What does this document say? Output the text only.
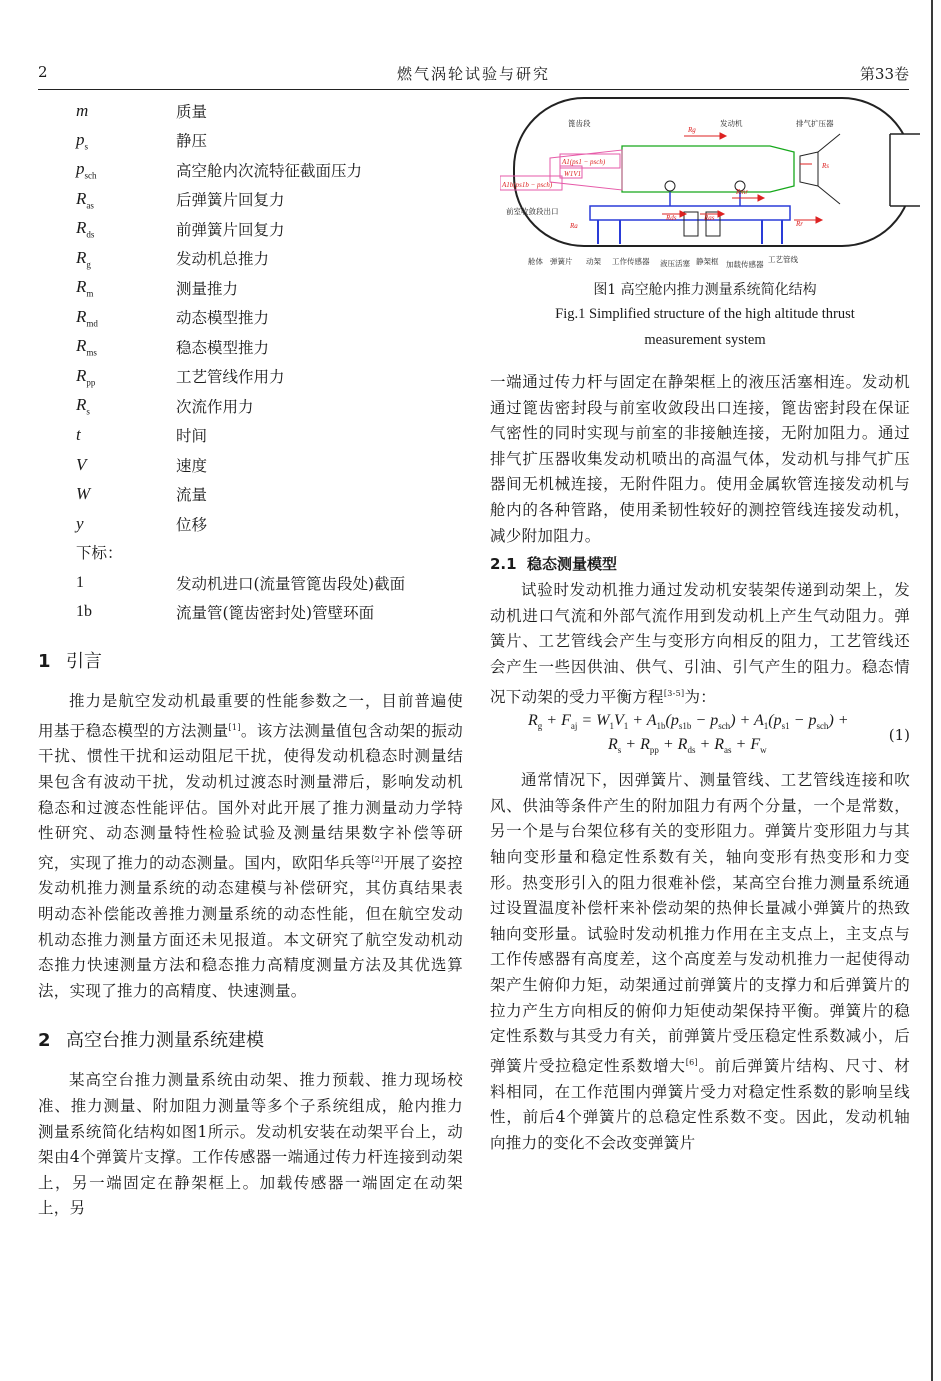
2	燃气涡轮试验与研究	第33卷
m	质量
$p_s$	静压
$p_{sch}$	高空舱内次流特征截面压力
$R_{as}$	后弹簧片回复力
$R_{ds}$	前弹簧片回复力
$R_g$	发动机总推力
$R_m$	测量推力
$R_{md}$	动态模型推力
$R_{ms}$	稳态模型推力
$R_{pp}$	工艺管线作用力
$R_s$	次流作用力
t	时间
V	速度
W	流量
y	位移
下标：
1	发动机进口(流量管篦齿段处)截面
1b	流量管(篦齿密封处)管壁环面
1 引言

推力是航空发动机最重要的性能参数之一，目前普遍使用基于稳态模型的方法测量[1]。该方法测量值包含动架的振动干扰、惯性干扰和运动阻尼干扰，使得发动机稳态时测量结果包含有波动干扰，发动机过渡态时测量滞后，影响发动机稳态和过渡态性能评估。国外对此开展了推力测量动力学特性研究、动态测量特性检验试验及测量结果数字补偿等研究，实现了推力的动态测量。国内，欧阳华兵等[2]开展了姿控发动机推力测量系统的动态建模与补偿研究，其仿真结果表明动态补偿能改善推力测量系统的动态性能，但在航空发动机动态推力测量方面还未见报道。本文研究了航空发动机动态推力快速测量方法和稳态推力高精度测量方法及其优选算法，实现了推力的高精度、快速测量。

2 高空台推力测量系统建模

某高空台推力测量系统由动架、推力预载、推力现场校准、推力测量、附加阻力测量等多个子系统组成，舱内推力测量系统简化结构如图1所示。发动机安装在动架平台上，动架由4个弹簧片支撑。工作传感器一端通过传力杆连接到动架上，另一端固定在静架框上。加载传感器一端固定在动架上，另

篦齿段	发动机	排气扩压器
前室收敛段出口
舱体 弹簧片 动架 工作传感器 液压活塞 静架框 加载传感器
工艺管线
A1(ps1 − psch)
W1V1
A1b(ps1b − psch)
Rg
Rs
Rmr
Rr
Ra
Rds	Ras
图1 高空舱内推力测量系统简化结构
Fig.1 Simplified structure of the high altitude thrust
measurement system

一端通过传力杆与固定在静架框上的液压活塞相连。发动机通过篦齿密封段与前室收敛段出口连接，篦齿密封段在保证气密性的同时实现与前室的非接触连接，无附加阻力。通过排气扩压器收集发动机喷出的高温气体，发动机与排气扩压器间无机械连接，无附件阻力。使用金属软管连接发动机与舱内的各种管路，使用柔韧性较好的测控管线连接发动机，减少附加阻力。

2.1 稳态测量模型

试验时发动机推力通过发动机安装架传递到动架上，发动机进口气流和外部气流作用到发动机上产生气动阻力。弹簧片、工艺管线会产生与变形方向相反的阻力，工艺管线还会产生一些因供油、供气、引油、引气产生的阻力。稳态情况下动架的受力平衡方程[3-5]为：

$R_g + F_{aj} = W_1V_1 + A_{1b}(p_{s1b} - p_{sch}) + A_1(p_{s1} - p_{sch})$ +
$R_s + R_{pp} + R_{ds} + R_{as} + F_w$
(1)

通常情况下，因弹簧片、测量管线、工艺管线连接和吹风、供油等条件产生的附加阻力有两个分量，一个是常数，另一个是与台架位移有关的变形阻力。弹簧片变形阻力与其轴向变形量和稳定性系数有关，轴向变形有热变形和力变形。热变形引入的阻力很难补偿，某高空台推力测量系统通过设置温度补偿杆来补偿动架的热伸长量减小弹簧片的热致轴向变形量。试验时发动机推力作用在主支点上，主支点与工作传感器有高度差，这个高度差与发动机推力一起使得动架产生俯仰力矩，动架通过前弹簧片的支撑力和后弹簧片的拉力产生方向相反的俯仰力矩使动架保持平衡。弹簧片的稳定性系数与其受力有关，前弹簧片受压稳定性系数减小，后弹簧片受拉稳定性系数增大[6]。前后弹簧片结构、尺寸、材料相同，在工作范围内弹簧片受力对稳定性系数的影响呈线性，前后4个弹簧片的总稳定性系数不变。因此，发动机轴向推力的变化不会改变弹簧片
